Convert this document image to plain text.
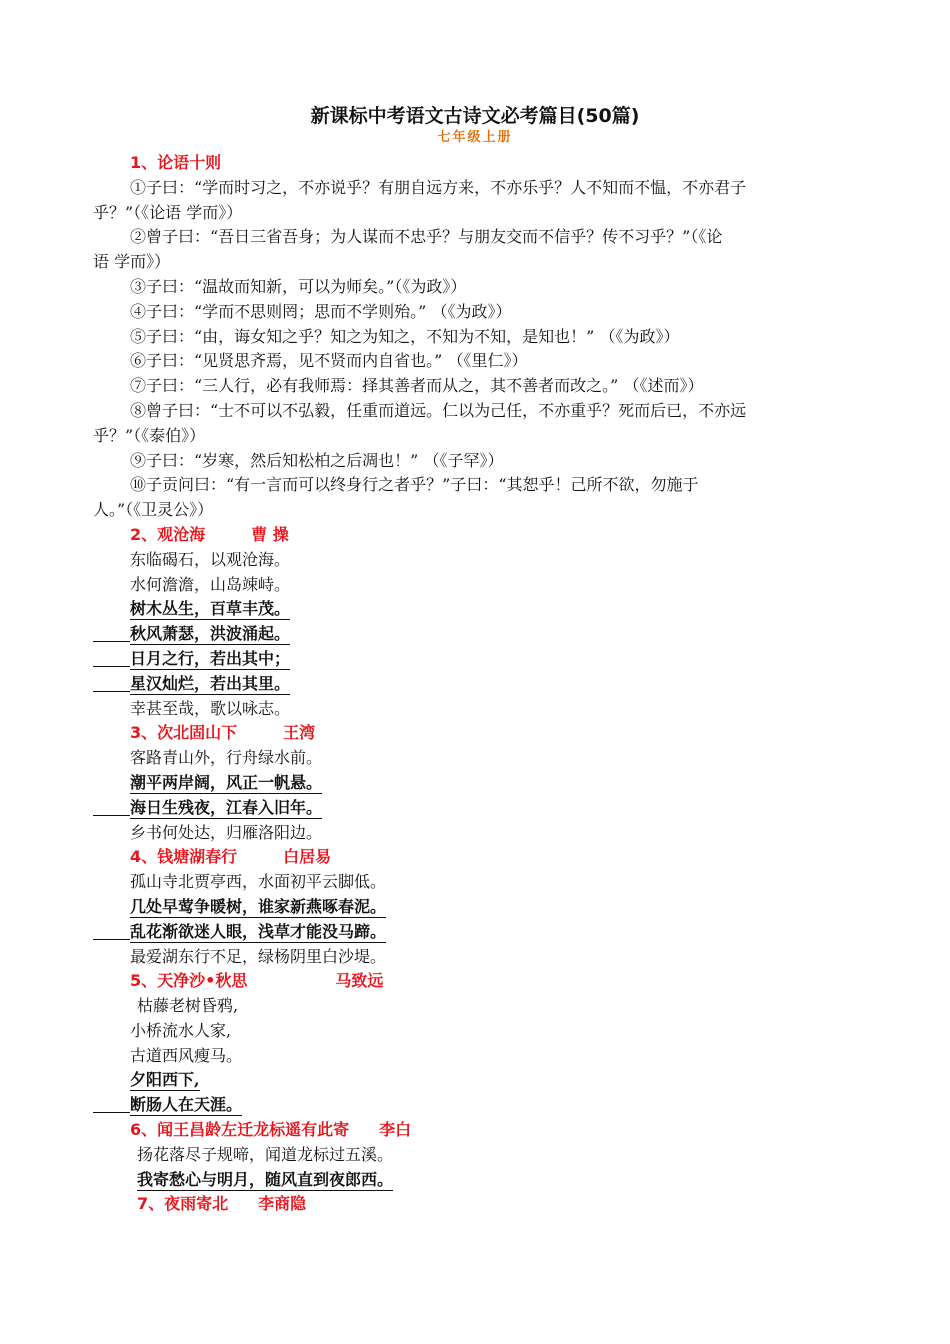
新课标中考语文古诗文必考篇目(50篇)
七年级上册
1、论语十则
①子曰：“学而时习之，不亦说乎？有朋自远方来，不亦乐乎？人不知而不愠，不亦君子
乎？”（《论语 学而》）
②曾子曰：“吾日三省吾身；为人谋而不忠乎？与朋友交而不信乎？传不习乎？”（《论
语 学而》）
③子曰：“温故而知新，可以为师矣。”（《为政》）
④子曰：“学而不思则罔；思而不学则殆。” （《为政》）
⑤子曰：“由，诲女知之乎？知之为知之，不知为不知，是知也！” （《为政》）
⑥子曰：“见贤思齐焉，见不贤而内自省也。” （《里仁》）
⑦子曰：“三人行，必有我师焉：择其善者而从之，其不善者而改之。” （《述而》）
⑧曾子曰：“士不可以不弘毅，任重而道远。仁以为己任，不亦重乎？死而后已，不亦远
乎？”（《泰伯》）
⑨子曰：“岁寒，然后知松柏之后凋也！” （《子罕》）
⑩子贡问曰：“有一言而可以终身行之者乎？”子曰：“其恕乎！己所不欲，勿施于
人。”（《卫灵公》）
2、观沧海	曹 操
东临碣石，以观沧海。
水何澹澹，山岛竦峙。
树木丛生，百草丰茂。
秋风萧瑟，洪波涌起。
日月之行，若出其中；
星汉灿烂，若出其里。
幸甚至哉，歌以咏志。
3、次北固山下	王湾
客路青山外，行舟绿水前。
潮平两岸阔，风正一帆悬。
海日生残夜，江春入旧年。
乡书何处达，归雁洛阳边。
4、钱塘湖春行	白居易
孤山寺北贾亭西，水面初平云脚低。
几处早莺争暖树，谁家新燕啄春泥。
乱花渐欲迷人眼，浅草才能没马蹄。
最爱湖东行不足，绿杨阴里白沙堤。
5、天净沙•秋思	马致远
枯藤老树昏鸦,
小桥流水人家,
古道西风瘦马。
夕阳西下,
断肠人在天涯。
6、闻王昌龄左迁龙标遥有此寄 李白
扬花落尽子规啼，闻道龙标过五溪。
我寄愁心与明月，随风直到夜郎西。
7、夜雨寄北 李商隐
